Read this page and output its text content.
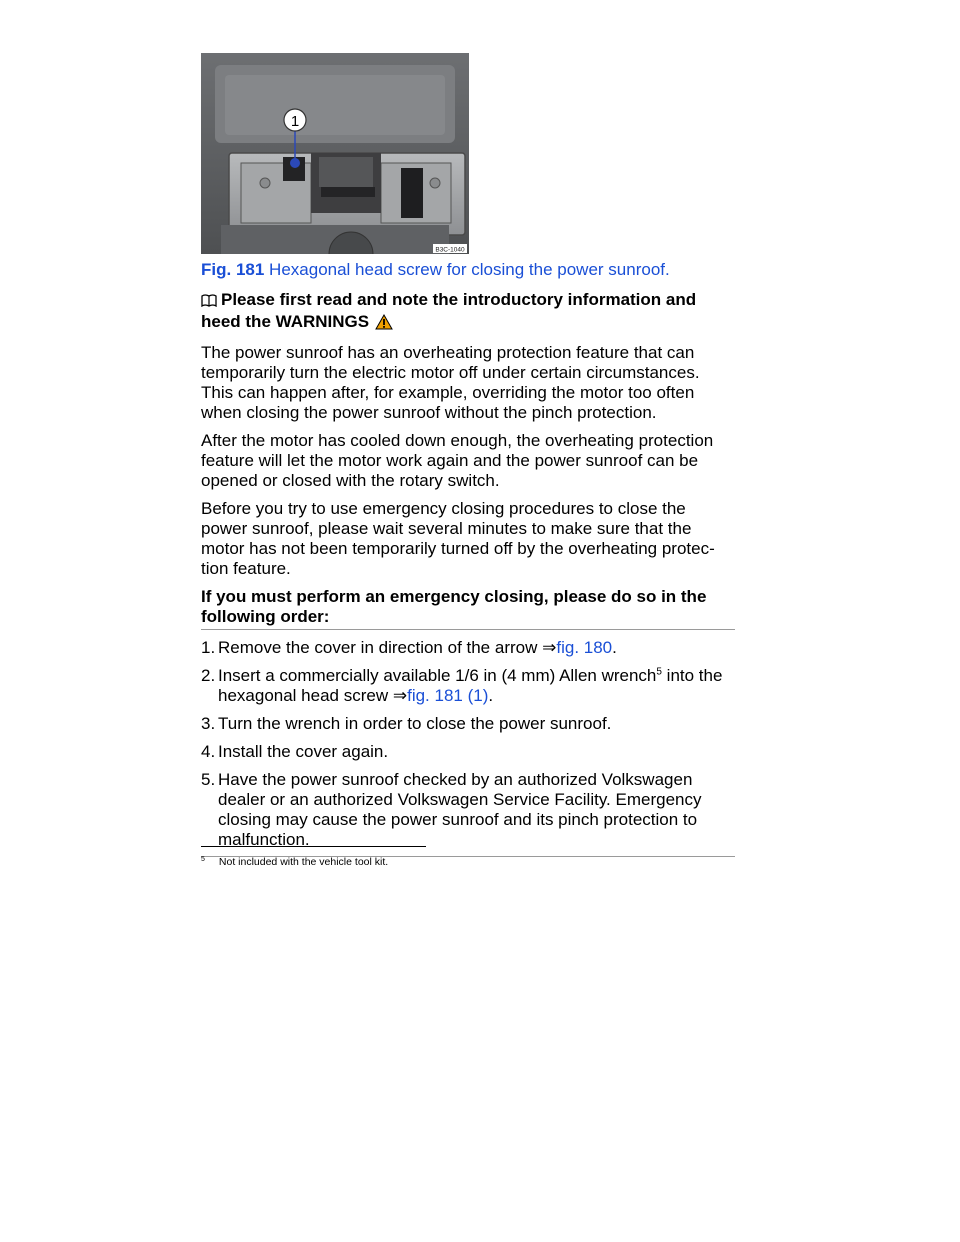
1
B3C-1040
Fig. 181 Hexagonal head screw for closing the power sunroof.
Please first read and note the introductory information and heed the WARNINGS

The power sunroof has an overheating protection feature that can temporarily turn the electric motor off under certain circumstances. This can happen after, for example, overriding the motor too often when closing the power sunroof without the pinch protection.

After the motor has cooled down enough, the overheating protection feature will let the motor work again and the power sunroof can be opened or closed with the rotary switch.

Before you try to use emergency closing procedures to close the power sunroof, please wait several minutes to make sure that the motor has not been temporarily turned off by the overheating protec-tion feature.

If you must perform an emergency closing, please do so in the following order:
1. Remove the cover in direction of the arrow ⇒fig. 180.
2. Insert a commercially available 1/6 in (4 mm) Allen wrench$^5$ into the hexagonal head screw ⇒fig. 181 (1).
3. Turn the wrench in order to close the power sunroof.
4. Install the cover again.
5. Have the power sunroof checked by an authorized Volkswagen dealer or an authorized Volkswagen Service Facility. Emergency closing may cause the power sunroof and its pinch protection to malfunction.
$^5$ Not included with the vehicle tool kit.
